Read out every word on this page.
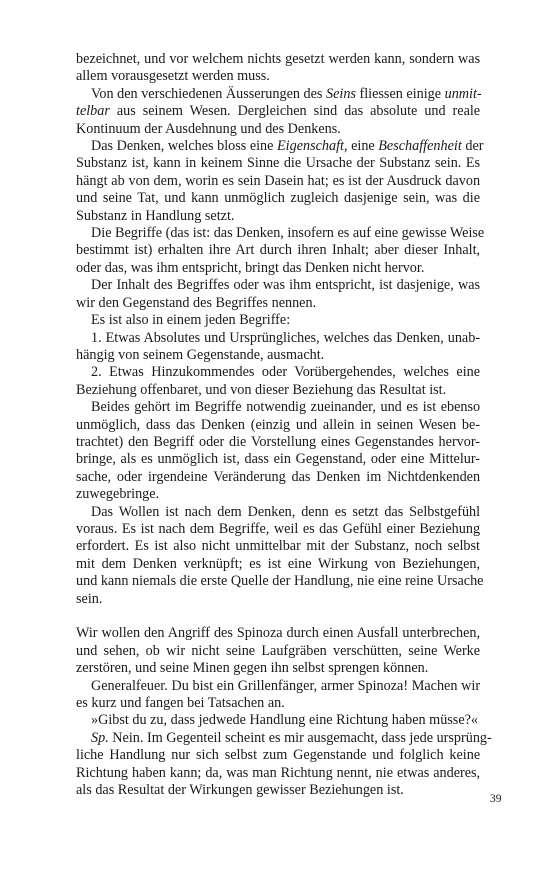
bezeichnet, und vor welchem nichts gesetzt werden kann, sondern was
allem vorausgesetzt werden muss.
Von den verschiedenen Äusserungen des Seins fliessen einige unmit-
telbar aus seinem Wesen. Dergleichen sind das absolute und reale
Kontinuum der Ausdehnung und des Denkens.
Das Denken, welches bloss eine Eigenschaft, eine Beschaffenheit der
Substanz ist, kann in keinem Sinne die Ursache der Substanz sein. Es
hängt ab von dem, worin es sein Dasein hat; es ist der Ausdruck davon
und seine Tat, und kann unmöglich zugleich dasjenige sein, was die
Substanz in Handlung setzt.
Die Begriffe (das ist: das Denken, insofern es auf eine gewisse Weise
bestimmt ist) erhalten ihre Art durch ihren Inhalt; aber dieser Inhalt,
oder das, was ihm entspricht, bringt das Denken nicht hervor.
Der Inhalt des Begriffes oder was ihm entspricht, ist dasjenige, was
wir den Gegenstand des Begriffes nennen.
Es ist also in einem jeden Begriffe:
1. Etwas Absolutes und Ursprüngliches, welches das Denken, unab-
hängig von seinem Gegenstande, ausmacht.
2. Etwas Hinzukommendes oder Vorübergehendes, welches eine
Beziehung offenbaret, und von dieser Beziehung das Resultat ist.
Beides gehört im Begriffe notwendig zueinander, und es ist ebenso
unmöglich, dass das Denken (einzig und allein in seinen Wesen be-
trachtet) den Begriff oder die Vorstellung eines Gegenstandes hervor-
bringe, als es unmöglich ist, dass ein Gegenstand, oder eine Mittelur-
sache, oder irgendeine Veränderung das Denken im Nichtdenkenden
zuwegebringe.
Das Wollen ist nach dem Denken, denn es setzt das Selbstgefühl
voraus. Es ist nach dem Begriffe, weil es das Gefühl einer Beziehung
erfordert. Es ist also nicht unmittelbar mit der Substanz, noch selbst
mit dem Denken verknüpft; es ist eine Wirkung von Beziehungen,
und kann niemals die erste Quelle der Handlung, nie eine reine Ursache
sein.

Wir wollen den Angriff des Spinoza durch einen Ausfall unterbrechen,
und sehen, ob wir nicht seine Laufgräben verschütten, seine Werke
zerstören, und seine Minen gegen ihn selbst sprengen können.
Generalfeuer. Du bist ein Grillenfänger, armer Spinoza! Machen wir
es kurz und fangen bei Tatsachen an.
»Gibst du zu, dass jedwede Handlung eine Richtung haben müsse?«
Sp. Nein. Im Gegenteil scheint es mir ausgemacht, dass jede ursprüng-
liche Handlung nur sich selbst zum Gegenstande und folglich keine
Richtung haben kann; da, was man Richtung nennt, nie etwas anderes,
als das Resultat der Wirkungen gewisser Beziehungen ist.
39
